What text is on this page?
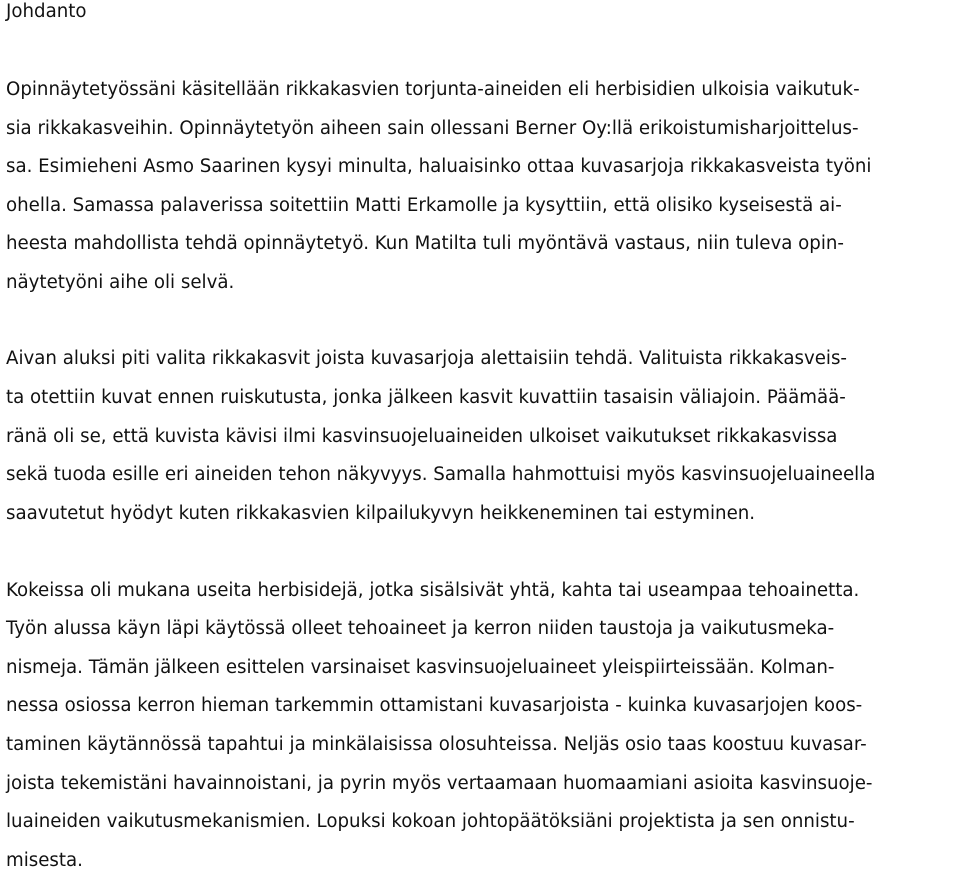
Johdanto
Opinnäytetyössäni käsitellään rikkakasvien torjunta-aineiden eli herbisidien ulkoisia vaikutuk-
sia rikkakasveihin. Opinnäytetyön aiheen sain ollessani Berner Oy:llä erikoistumisharjoittelus-
sa. Esimieheni Asmo Saarinen kysyi minulta, haluaisinko ottaa kuvasarjoja rikkakasveista työni
ohella. Samassa palaverissa soitettiin Matti Erkamolle ja kysyttiin, että olisiko kyseisestä ai-
heesta mahdollista tehdä opinnäytetyö. Kun Matilta tuli myöntävä vastaus, niin tuleva opin-
näytetyöni aihe oli selvä.
Aivan aluksi piti valita rikkakasvit joista kuvasarjoja alettaisiin tehdä. Valituista rikkakasveis-
ta otettiin kuvat ennen ruiskutusta, jonka jälkeen kasvit kuvattiin tasaisin väliajoin. Päämää-
ränä oli se, että kuvista kävisi ilmi kasvinsuojeluaineiden ulkoiset vaikutukset rikkakasvissa
sekä tuoda esille eri aineiden tehon näkyvyys. Samalla hahmottuisi myös kasvinsuojeluaineella
saavutetut hyödyt kuten rikkakasvien kilpailukyvyn heikkeneminen tai estyminen.
Kokeissa oli mukana useita herbisidejä, jotka sisälsivät yhtä, kahta tai useampaa tehoainetta.
Työn alussa käyn läpi käytössä olleet tehoaineet ja kerron niiden taustoja ja vaikutusmeka-
nismeja. Tämän jälkeen esittelen varsinaiset kasvinsuojeluaineet yleispiirteissään. Kolman-
nessa osiossa kerron hieman tarkemmin ottamistani kuvasarjoista - kuinka kuvasarjojen koos-
taminen käytännössä tapahtui ja minkälaisissa olosuhteissa. Neljäs osio taas koostuu kuvasar-
joista tekemistäni havainnoistani, ja pyrin myös vertaamaan huomaamiani asioita kasvinsuoje-
luaineiden vaikutusmekanismien. Lopuksi kokoan johtopäätöksiäni projektista ja sen onnistu-
misesta.
